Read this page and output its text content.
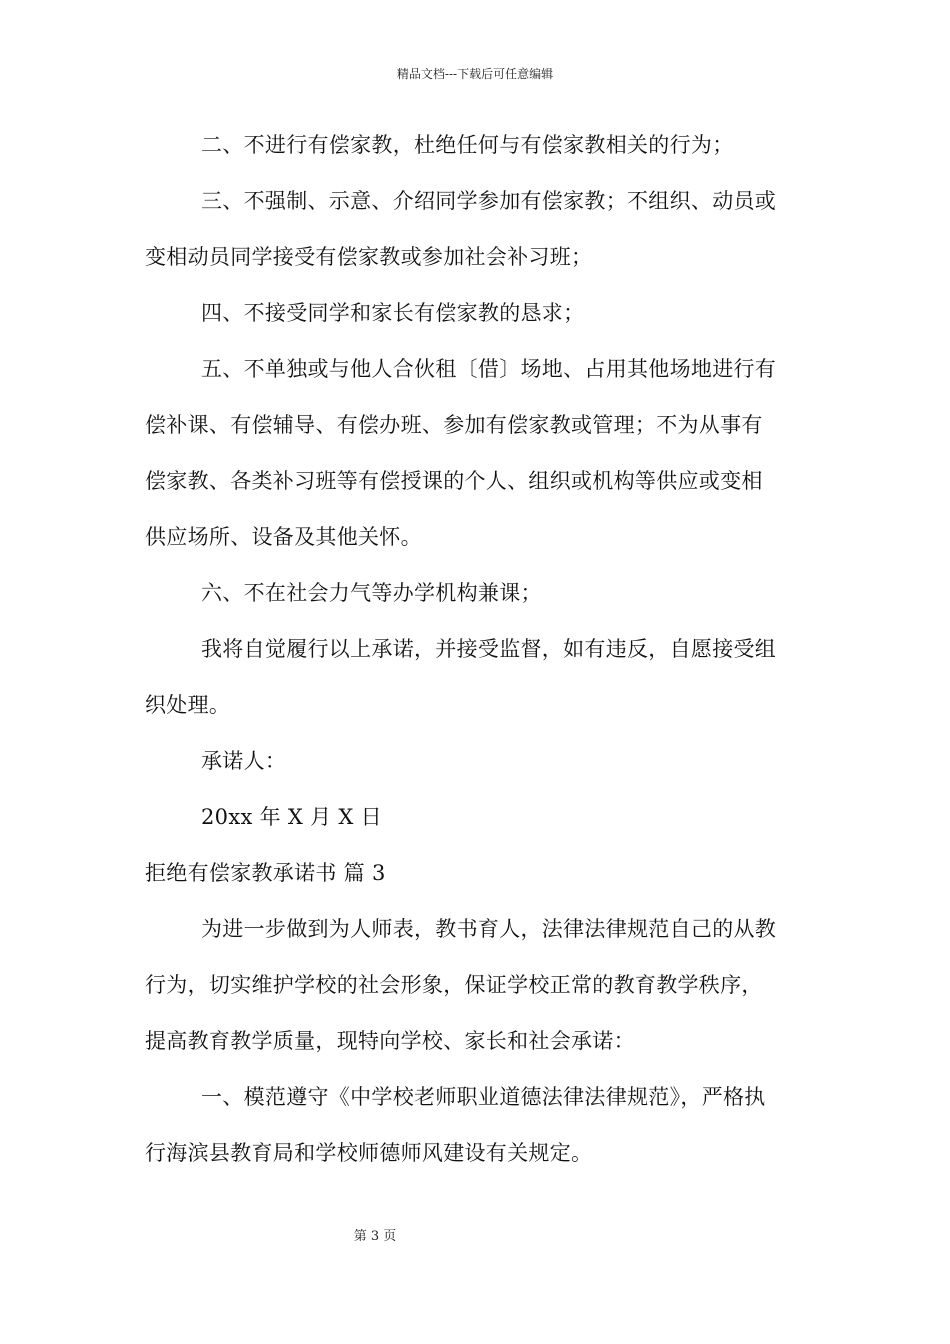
精品文档---下载后可任意编辑
二、不进行有偿家教，杜绝任何与有偿家教相关的行为；
三、不强制、示意、介绍同学参加有偿家教；不组织、动员或
变相动员同学接受有偿家教或参加社会补习班；
四、不接受同学和家长有偿家教的恳求；
五、不单独或与他人合伙租〔借〕场地、占用其他场地进行有
偿补课、有偿辅导、有偿办班、参加有偿家教或管理；不为从事有
偿家教、各类补习班等有偿授课的个人、组织或机构等供应或变相
供应场所、设备及其他关怀。
六、不在社会力气等办学机构兼课；
我将自觉履行以上承诺，并接受监督，如有违反，自愿接受组
织处理。
承诺人：
20xx 年 X 月 X 日
拒绝有偿家教承诺书 篇 3
为进一步做到为人师表，教书育人，法律法律规范自己的从教
行为，切实维护学校的社会形象，保证学校正常的教育教学秩序，
提高教育教学质量，现特向学校、家长和社会承诺：
一、模范遵守《中学校老师职业道德法律法律规范》，严格执
行海滨县教育局和学校师德师风建设有关规定。
第 3 页
